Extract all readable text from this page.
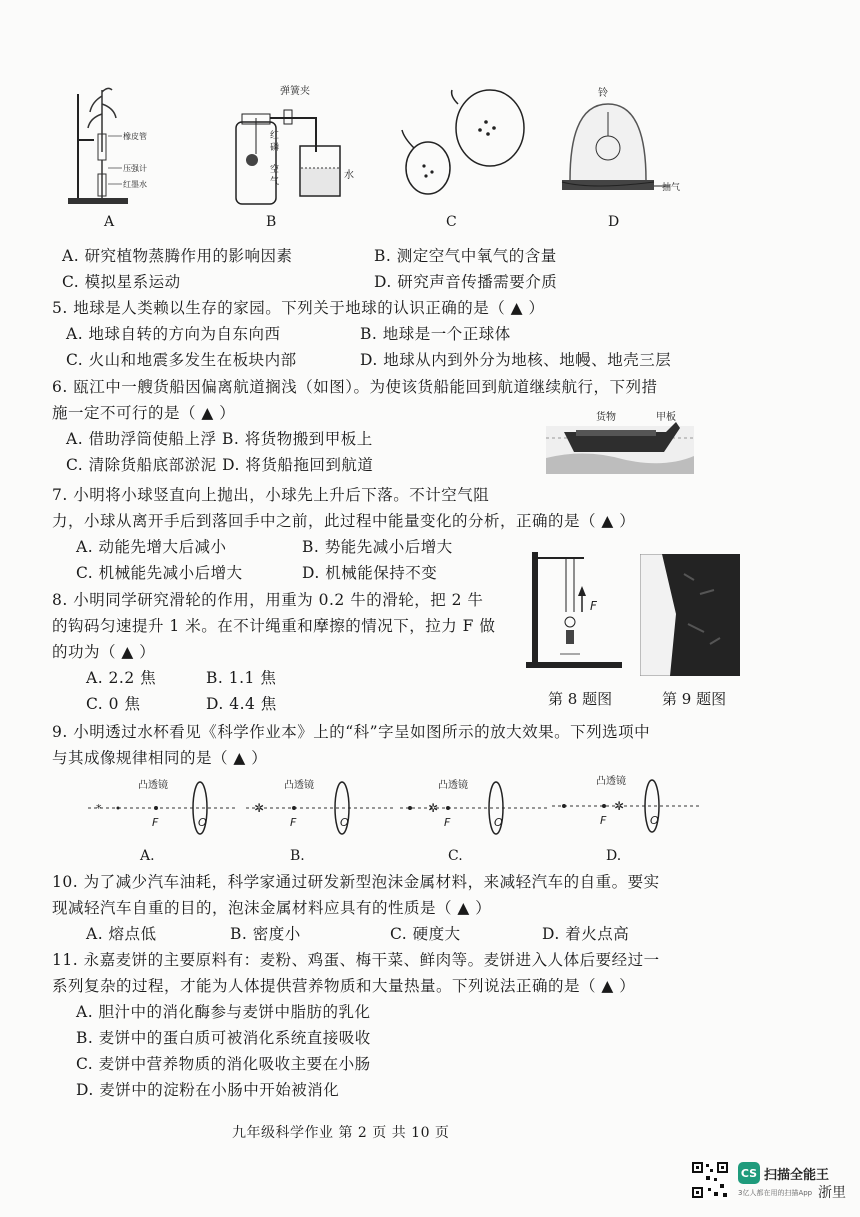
橡皮管
压强计
红墨水
A
弹簧夹
红
磷
空
气
水
B	C
铃
抽气
D
A. 研究植物蒸腾作用的影响因素	B. 测定空气中氧气的含量
C. 模拟星系运动	D. 研究声音传播需要介质
5. 地球是人类赖以生存的家园。下列关于地球的认识正确的是（ ▲ ）
A. 地球自转的方向为自东向西	B. 地球是一个正球体
C. 火山和地震多发生在板块内部	D. 地球从内到外分为地核、地幔、地壳三层
6. 瓯江中一艘货船因偏离航道搁浅（如图）。为使该货船能回到航道继续航行，下列措
施一定不可行的是（ ▲ ）
A. 借助浮筒使船上浮 B. 将货物搬到甲板上
C. 清除货船底部淤泥 D. 将货船拖回到航道
货物	甲板
7. 小明将小球竖直向上抛出，小球先上升后下落。不计空气阻
力，小球从离开手后到落回手中之前，此过程中能量变化的分析，正确的是（ ▲ ）
A. 动能先增大后减小	B. 势能先减小后增大
C. 机械能先减小后增大	D. 机械能保持不变
8. 小明同学研究滑轮的作用，用重为 0.2 牛的滑轮，把 2 牛
的钩码匀速提升 1 米。在不计绳重和摩擦的情况下，拉力 F 做
的功为（ ▲ ）
A. 2.2 焦	B. 1.1 焦
C. 0 焦	D. 4.4 焦
F
第 8 题图	第 9 题图
9. 小明透过水杯看见《科学作业本》上的“科”字呈如图所示的放大效果。下列选项中
与其成像规律相同的是（ ▲ ）
凸透镜
F	O
*
凸透镜
F	O
✲
凸透镜
F	O
✲
凸透镜
F	O
✲
A.	B.	C.	D.
10. 为了减少汽车油耗，科学家通过研发新型泡沫金属材料，来减轻汽车的自重。要实
现减轻汽车自重的目的，泡沫金属材料应具有的性质是（ ▲ ）
A. 熔点低	B. 密度小	C. 硬度大	D. 着火点高
11. 永嘉麦饼的主要原料有：麦粉、鸡蛋、梅干菜、鲜肉等。麦饼进入人体后要经过一
系列复杂的过程，才能为人体提供营养物质和大量热量。下列说法正确的是（ ▲ ）
A. 胆汁中的消化酶参与麦饼中脂肪的乳化
B. 麦饼中的蛋白质可被消化系统直接吸收
C. 麦饼中营养物质的消化吸收主要在小肠
D. 麦饼中的淀粉在小肠中开始被消化
九年级科学作业 第 2 页 共 10 页
CS 扫描全能王
3亿人都在用的扫描App 浙里
